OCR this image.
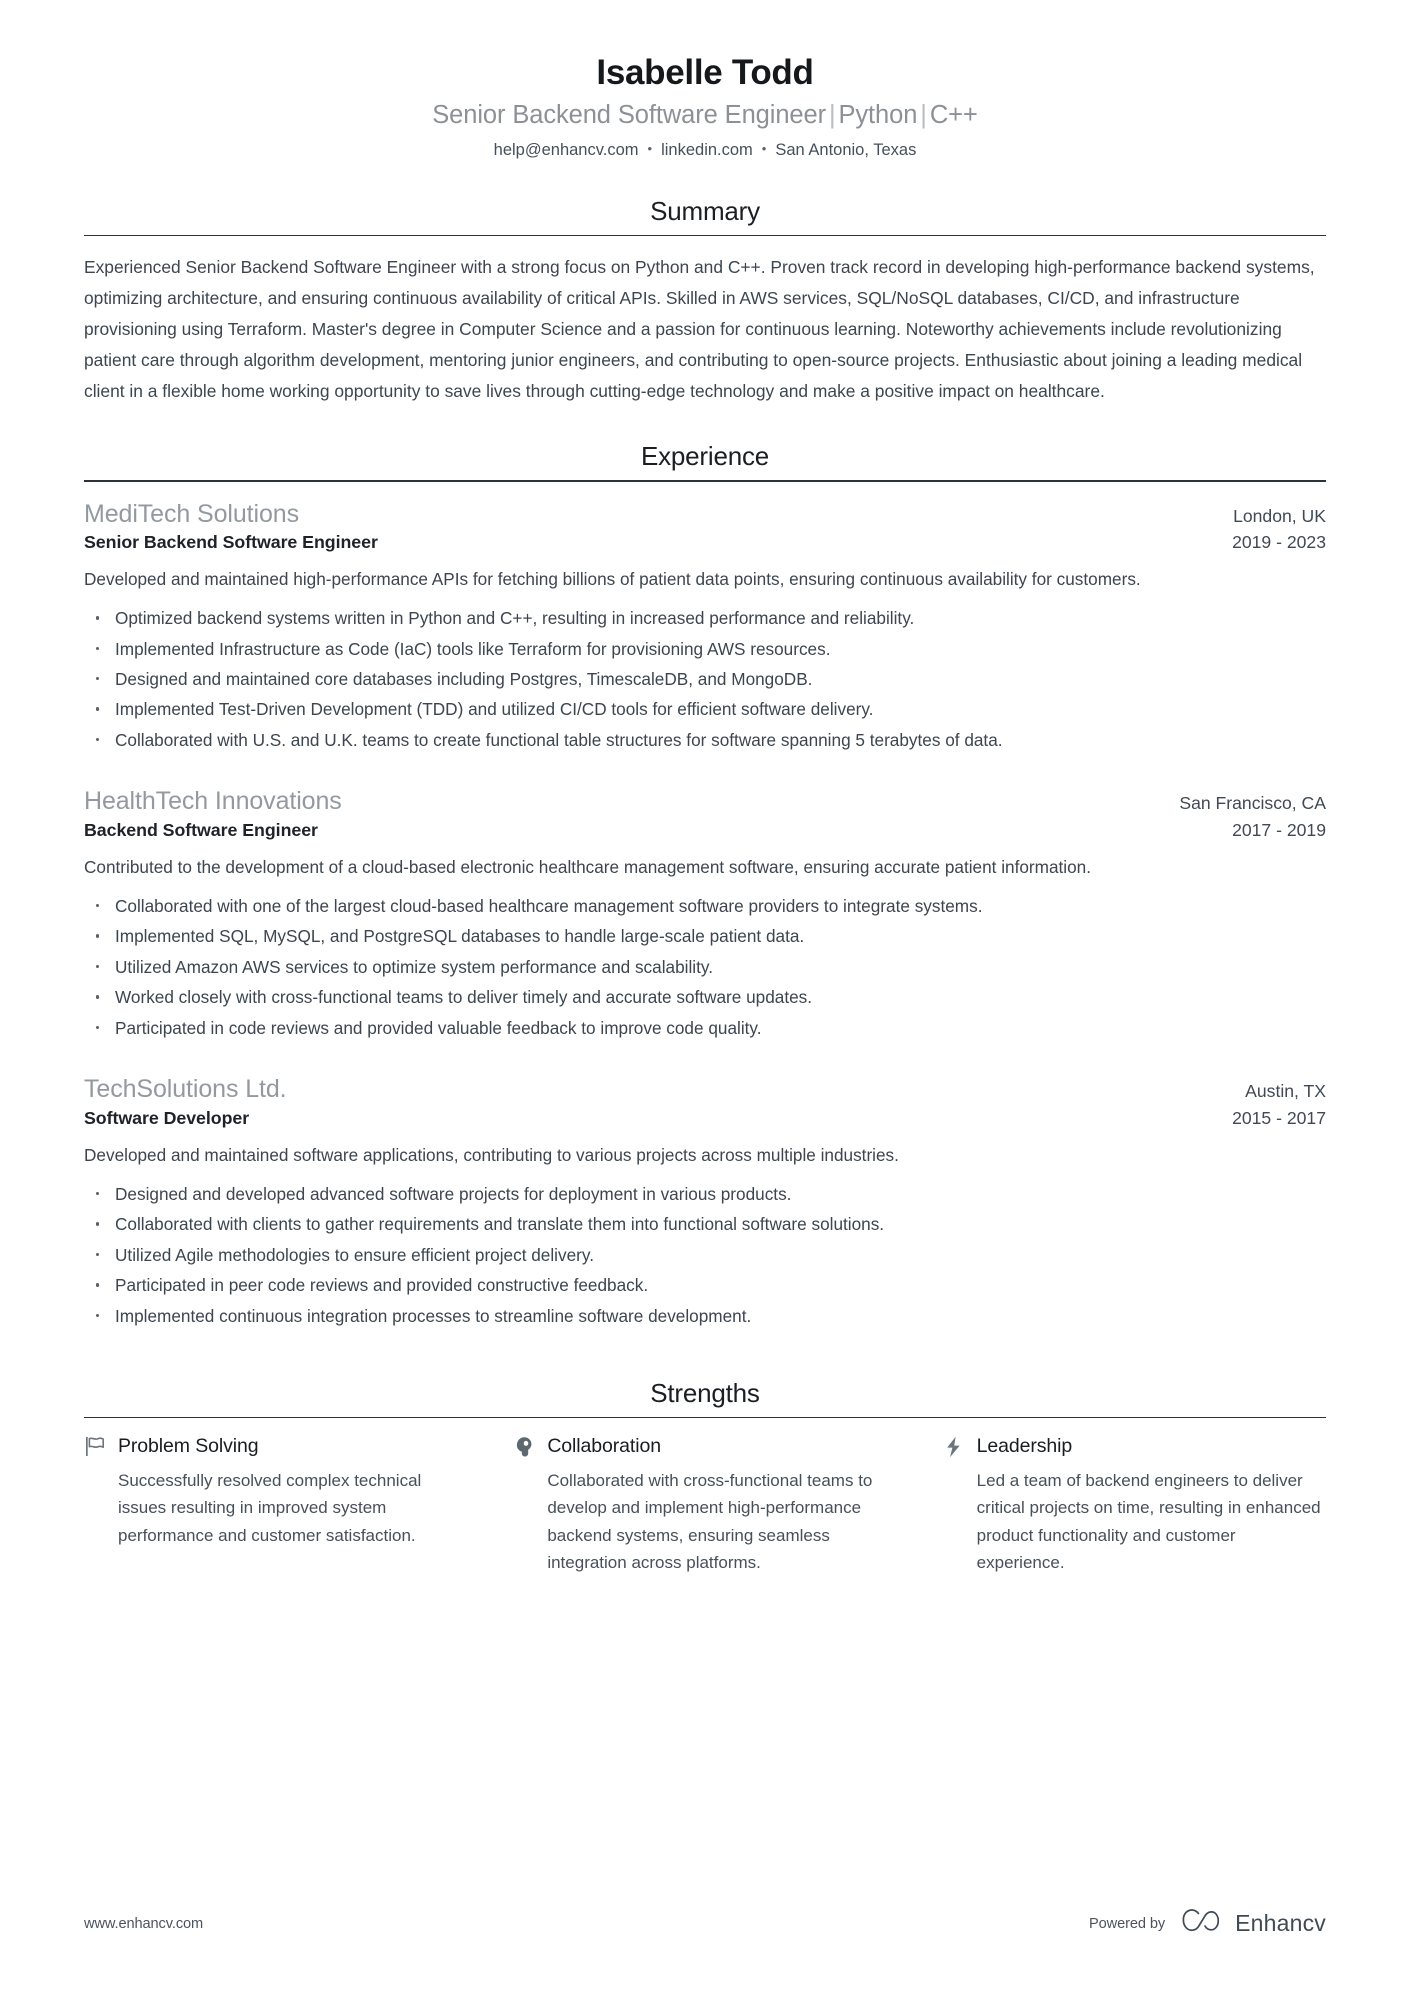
Isabelle Todd
Senior Backend Software Engineer | Python | C++
help@enhancv.com • linkedin.com • San Antonio, Texas
Summary

Experienced Senior Backend Software Engineer with a strong focus on Python and C++. Proven track record in developing high-performance backend systems, optimizing architecture, and ensuring continuous availability of critical APIs. Skilled in AWS services, SQL/NoSQL databases, CI/CD, and infrastructure provisioning using Terraform. Master's degree in Computer Science and a passion for continuous learning. Noteworthy achievements include revolutionizing patient care through algorithm development, mentoring junior engineers, and contributing to open-source projects. Enthusiastic about joining a leading medical client in a flexible home working opportunity to save lives through cutting-edge technology and make a positive impact on healthcare.

Experience
MediTech Solutions	London, UK
Senior Backend Software Engineer	2019 - 2023

Developed and maintained high-performance APIs for fetching billions of patient data points, ensuring continuous availability for customers.

Optimized backend systems written in Python and C++, resulting in increased performance and reliability.
Implemented Infrastructure as Code (IaC) tools like Terraform for provisioning AWS resources.
Designed and maintained core databases including Postgres, TimescaleDB, and MongoDB.
Implemented Test-Driven Development (TDD) and utilized CI/CD tools for efficient software delivery.
Collaborated with U.S. and U.K. teams to create functional table structures for software spanning 5 terabytes of data.
HealthTech Innovations	San Francisco, CA
Backend Software Engineer	2017 - 2019

Contributed to the development of a cloud-based electronic healthcare management software, ensuring accurate patient information.

Collaborated with one of the largest cloud-based healthcare management software providers to integrate systems.
Implemented SQL, MySQL, and PostgreSQL databases to handle large-scale patient data.
Utilized Amazon AWS services to optimize system performance and scalability.
Worked closely with cross-functional teams to deliver timely and accurate software updates.
Participated in code reviews and provided valuable feedback to improve code quality.
TechSolutions Ltd.	Austin, TX
Software Developer	2015 - 2017

Developed and maintained software applications, contributing to various projects across multiple industries.

Designed and developed advanced software projects for deployment in various products.
Collaborated with clients to gather requirements and translate them into functional software solutions.
Utilized Agile methodologies to ensure efficient project delivery.
Participated in peer code reviews and provided constructive feedback.
Implemented continuous integration processes to streamline software development.
Strengths
Problem Solving

Successfully resolved complex technical issues resulting in improved system performance and customer satisfaction.

Collaboration

Collaborated with cross-functional teams to develop and implement high-performance backend systems, ensuring seamless integration across platforms.

Leadership

Led a team of backend engineers to deliver critical projects on time, resulting in enhanced product functionality and customer experience.

www.enhancv.com	Powered by	Enhancv
